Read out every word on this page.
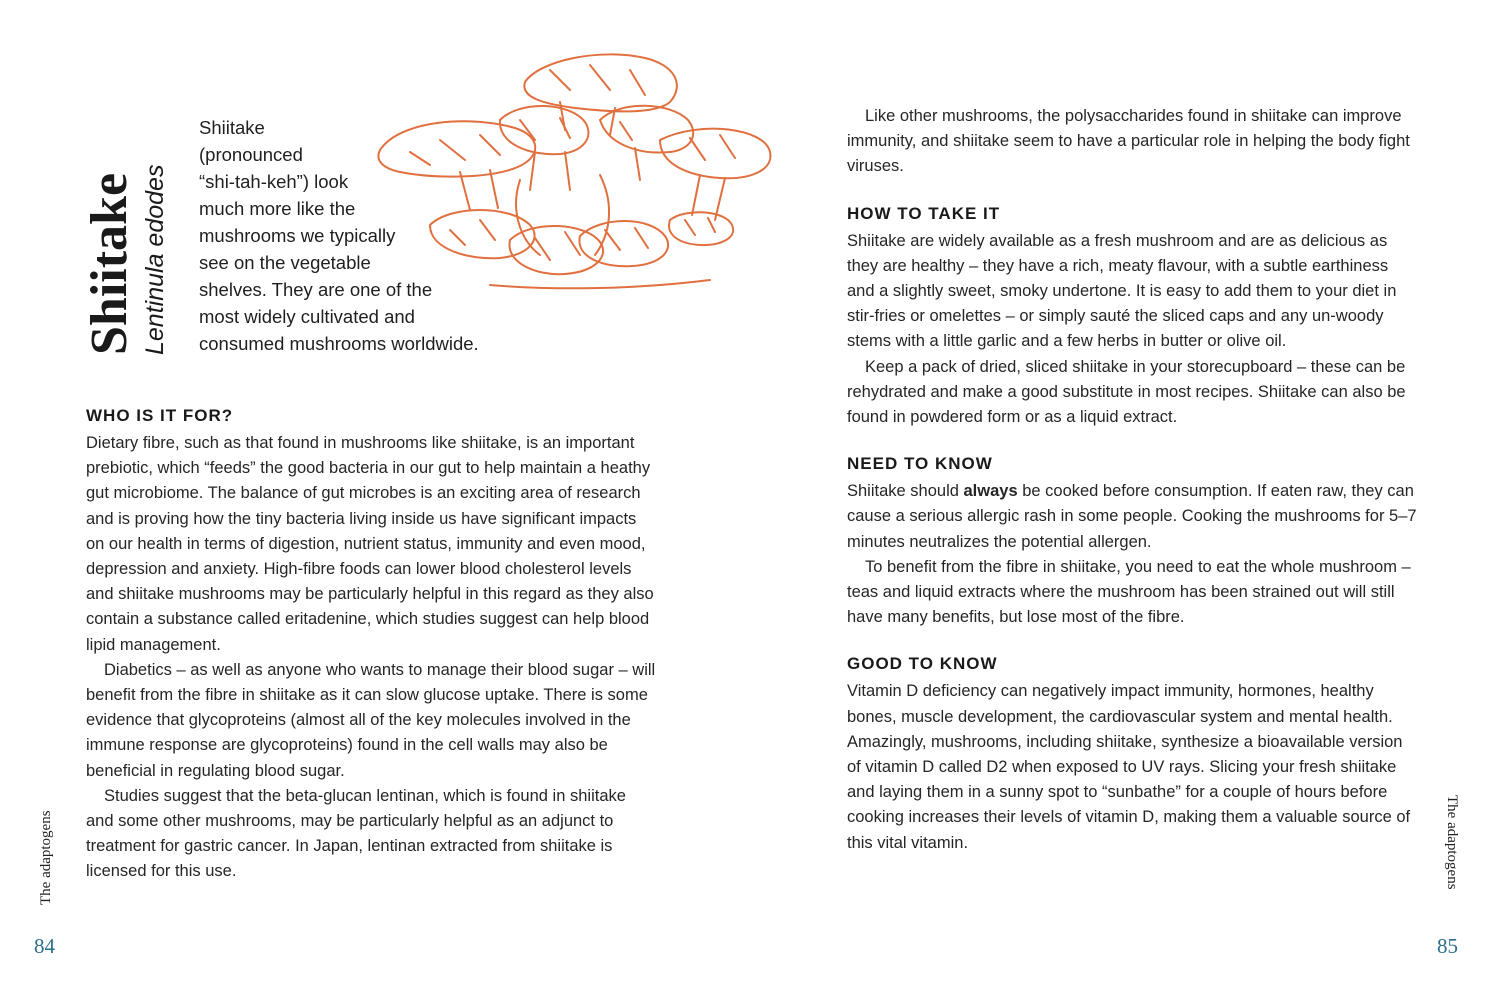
Shiitake Lentinula edodes

Shiitake
(pronounced
“shi-tah-keh”) look
much more like the
mushrooms we typically
see on the vegetable
shelves. They are one of the
most widely cultivated and
consumed mushrooms worldwide.

WHO IS IT FOR?

Dietary fibre, such as that found in mushrooms like shiitake, is an important prebiotic, which “feeds” the good bacteria in our gut to help maintain a heathy gut microbiome. The balance of gut microbes is an exciting area of research and is proving how the tiny bacteria living inside us have significant impacts on our health in terms of digestion, nutrient status, immunity and even mood, depression and anxiety. High-fibre foods can lower blood cholesterol levels and shiitake mushrooms may be particularly helpful in this regard as they also contain a substance called eritadenine, which studies suggest can help blood lipid management.

Diabetics – as well as anyone who wants to manage their blood sugar – will benefit from the fibre in shiitake as it can slow glucose uptake. There is some evidence that glycoproteins (almost all of the key molecules involved in the immune response are glycoproteins) found in the cell walls may also be beneficial in regulating blood sugar.

Studies suggest that the beta-glucan lentinan, which is found in shiitake and some other mushrooms, may be particularly helpful as an adjunct to treatment for gastric cancer. In Japan, lentinan extracted from shiitake is licensed for this use.

The adaptogens
84

Like other mushrooms, the polysaccharides found in shiitake can improve immunity, and shiitake seem to have a particular role in helping the body fight viruses.

HOW TO TAKE IT

Shiitake are widely available as a fresh mushroom and are as delicious as they are healthy – they have a rich, meaty flavour, with a subtle earthiness and a slightly sweet, smoky undertone. It is easy to add them to your diet in stir-fries or omelettes – or simply sauté the sliced caps and any un-woody stems with a little garlic and a few herbs in butter or olive oil.

Keep a pack of dried, sliced shiitake in your storecupboard – these can be rehydrated and make a good substitute in most recipes. Shiitake can also be found in powdered form or as a liquid extract.

NEED TO KNOW

Shiitake should always be cooked before consumption. If eaten raw, they can cause a serious allergic rash in some people. Cooking the mushrooms for 5–7 minutes neutralizes the potential allergen.

To benefit from the fibre in shiitake, you need to eat the whole mushroom – teas and liquid extracts where the mushroom has been strained out will still have many benefits, but lose most of the fibre.

GOOD TO KNOW

Vitamin D deficiency can negatively impact immunity, hormones, healthy bones, muscle development, the cardiovascular system and mental health. Amazingly, mushrooms, including shiitake, synthesize a bioavailable version of vitamin D called D2 when exposed to UV rays. Slicing your fresh shiitake and laying them in a sunny spot to “sunbathe” for a couple of hours before cooking increases their levels of vitamin D, making them a valuable source of this vital vitamin.	The adaptogens
85
